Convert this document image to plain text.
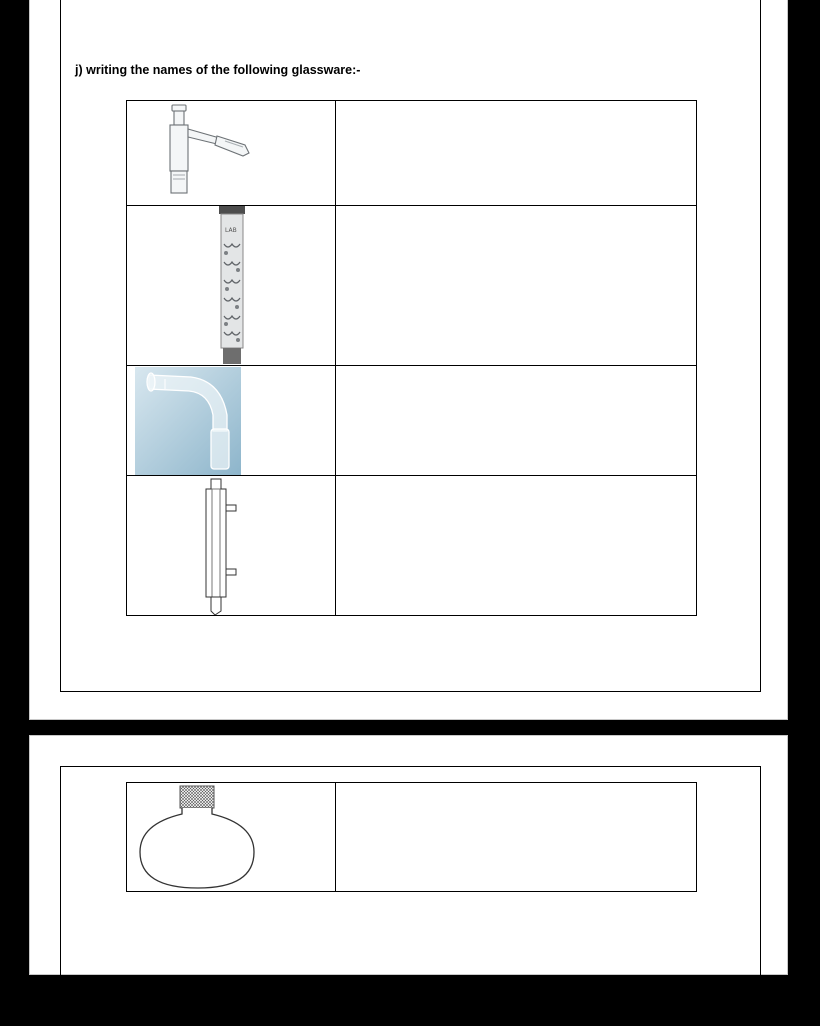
j) writing the names of the following glassware:-

LAB	
